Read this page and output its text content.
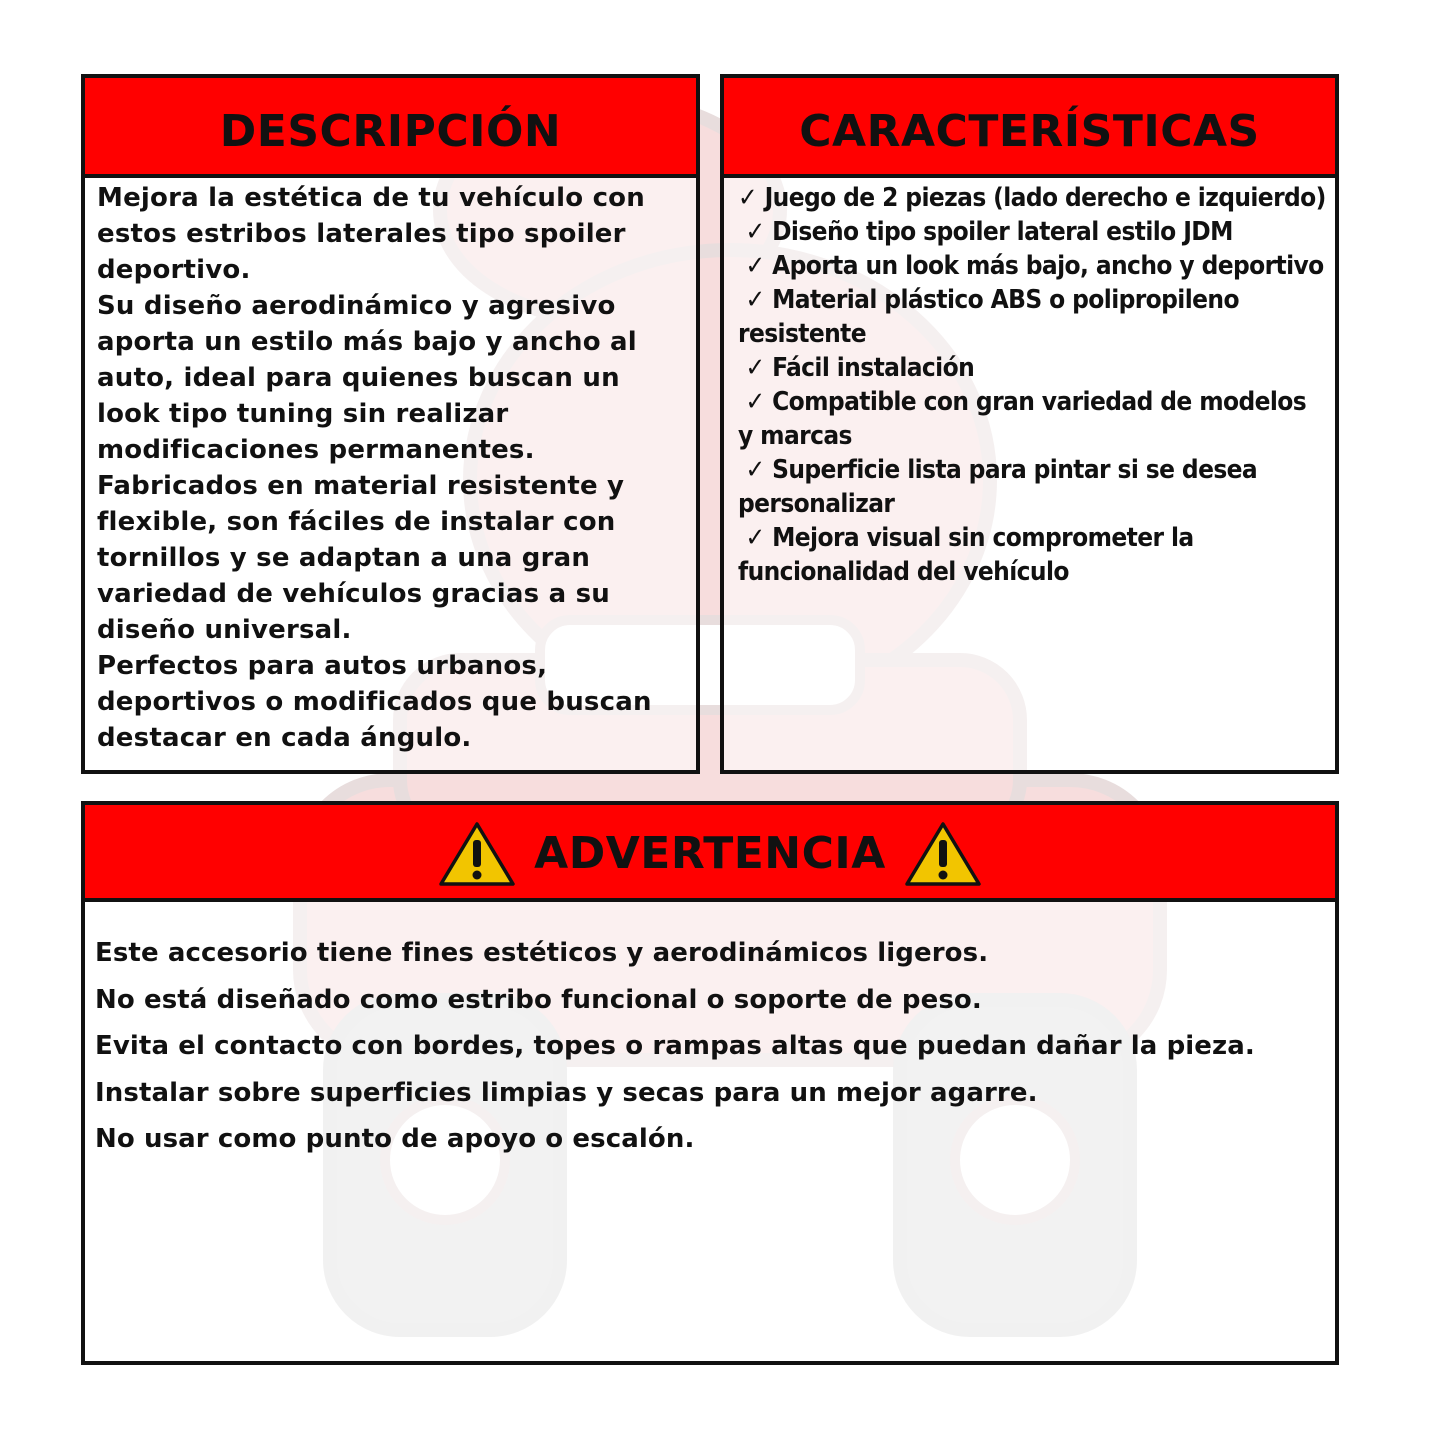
DESCRIPCIÓN
Mejora la estética de tu vehículo con estos estribos laterales tipo spoiler deportivo.
Su diseño aerodinámico y agresivo aporta un estilo más bajo y ancho al auto, ideal para quienes buscan un look tipo tuning sin realizar modificaciones permanentes.
Fabricados en material resistente y flexible, son fáciles de instalar con tornillos y se adaptan a una gran variedad de vehículos gracias a su diseño universal.
Perfectos para autos urbanos, deportivos o modificados que buscan destacar en cada ángulo.
CARACTERÍSTICAS

✓ Juego de 2 piezas (lado derecho e izquierdo)

✓ Diseño tipo spoiler lateral estilo JDM

✓ Aporta un look más bajo, ancho y deportivo

✓ Material plástico ABS o polipropileno resistente

✓ Fácil instalación

✓ Compatible con gran variedad de modelos y marcas

✓ Superficie lista para pintar si se desea personalizar

✓ Mejora visual sin comprometer la funcionalidad del vehículo

ADVERTENCIA

Este accesorio tiene fines estéticos y aerodinámicos ligeros.

No está diseñado como estribo funcional o soporte de peso.

Evita el contacto con bordes, topes o rampas altas que puedan dañar la pieza.

Instalar sobre superficies limpias y secas para un mejor agarre.

No usar como punto de apoyo o escalón.
